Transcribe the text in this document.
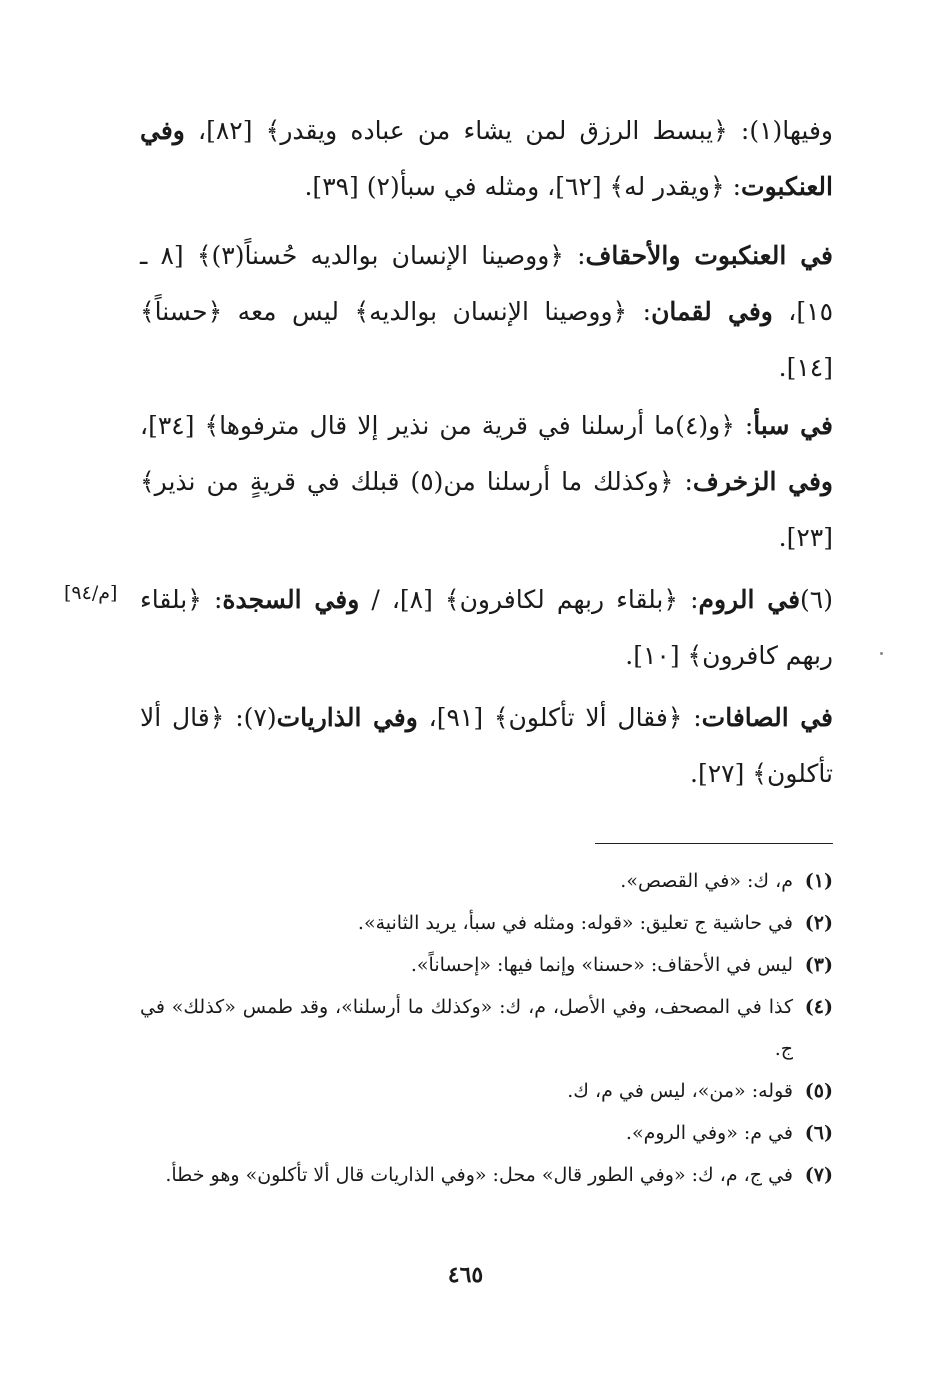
وفيها(١): ﴿يبسط الرزق لمن يشاء من عباده ويقدر﴾ [٨٢]، وفي العنكبوت: ﴿ويقدر له﴾ [٦٢]، ومثله في سبأ(٢) [٣٩].
في العنكبوت والأحقاف: ﴿ووصينا الإنسان بوالديه حُسناً(٣)﴾ [٨ ـ ١٥]، وفي لقمان: ﴿ووصينا الإنسان بوالديه﴾ ليس معه ﴿حسناً﴾ [١٤].
في سبأ: ﴿و(٤)ما أرسلنا في قرية من نذير إلا قال مترفوها﴾ [٣٤]، وفي الزخرف: ﴿وكذلك ما أرسلنا من(٥) قبلك في قريةٍ من نذير﴾ [٢٣].
(٦)في الروم: ﴿بلقاء ربهم لكافرون﴾ [٨]، / وفي السجدة: ﴿بلقاء ربهم كافرون﴾ [١٠].
[م/٩٤]
في الصافات: ﴿فقال ألا تأكلون﴾ [٩١]، وفي الذاريات(٧): ﴿قال ألا تأكلون﴾ [٢٧].
(١)
م، ك: «في القصص».
(٢)
في حاشية ج تعليق: «قوله: ومثله في سبأ، يريد الثانية».
(٣)
ليس في الأحقاف: «حسنا» وإنما فيها: «إحساناً».
(٤)
كذا في المصحف، وفي الأصل، م، ك: «وكذلك ما أرسلنا»، وقد طمس «كذلك» في ج.
(٥)
قوله: «من»، ليس في م، ك.
(٦)
في م: «وفي الروم».
(٧)
في ج، م، ك: «وفي الطور قال» محل: «وفي الذاريات قال ألا تأكلون» وهو خطأ.
٤٦٥
